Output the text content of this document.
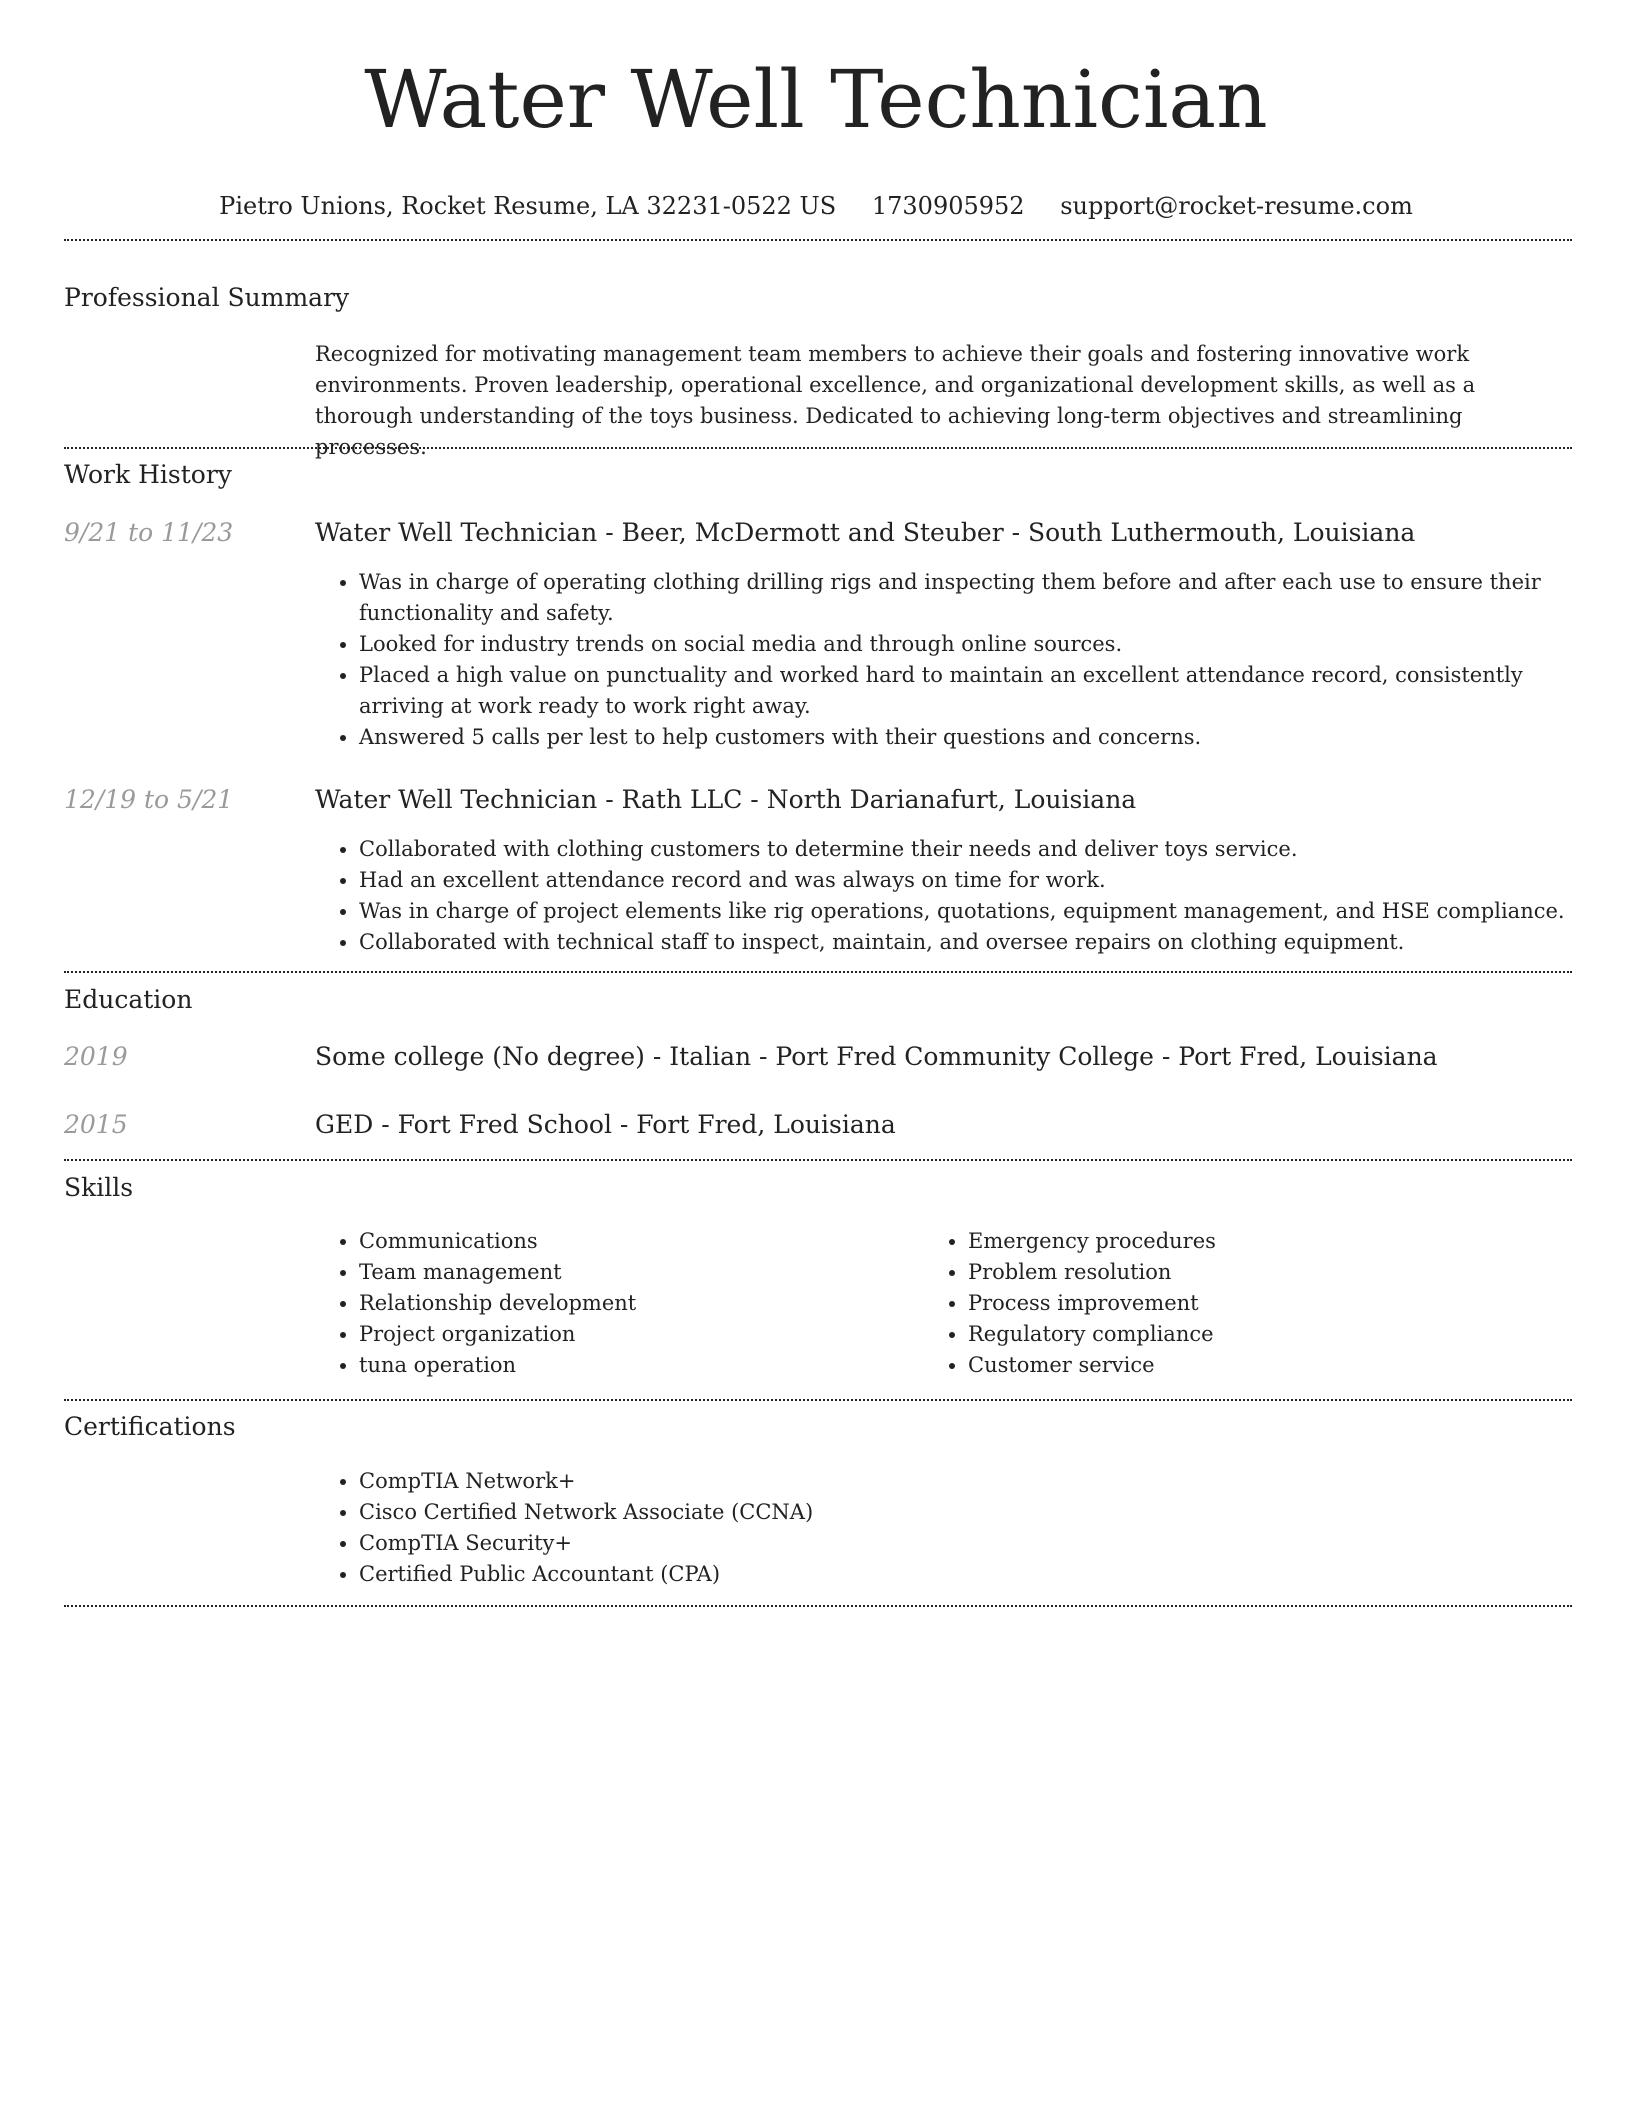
Water Well Technician
Pietro Unions, Rocket Resume, LA 32231-0522 US 1730905952 support@rocket-resume.com
Professional Summary
Recognized for motivating management team members to achieve their goals and fostering innovative work environments. Proven leadership, operational excellence, and organizational development skills, as well as a thorough understanding of the toys business. Dedicated to achieving long-term objectives and streamlining processes.
Work History
9/21 to 11/23	Water Well Technician - Beer, McDermott and Steuber - South Luthermouth, Louisiana
• Was in charge of operating clothing drilling rigs and inspecting them before and after each use to ensure their functionality and safety.
• Looked for industry trends on social media and through online sources.
• Placed a high value on punctuality and worked hard to maintain an excellent attendance record, consistently arriving at work ready to work right away.
• Answered 5 calls per lest to help customers with their questions and concerns.
12/19 to 5/21	Water Well Technician - Rath LLC - North Darianafurt, Louisiana
• Collaborated with clothing customers to determine their needs and deliver toys service.
• Had an excellent attendance record and was always on time for work.
• Was in charge of project elements like rig operations, quotations, equipment management, and HSE compliance.
• Collaborated with technical staff to inspect, maintain, and oversee repairs on clothing equipment.
Education
2019	Some college (No degree) - Italian - Port Fred Community College - Port Fred, Louisiana
2015	GED - Fort Fred School - Fort Fred, Louisiana
Skills
• Communications
• Team management
• Relationship development
• Project organization
• tuna operation
• Emergency procedures
• Problem resolution
• Process improvement
• Regulatory compliance
• Customer service
Certifications
• CompTIA Network+
• Cisco Certified Network Associate (CCNA)
• CompTIA Security+
• Certified Public Accountant (CPA)
